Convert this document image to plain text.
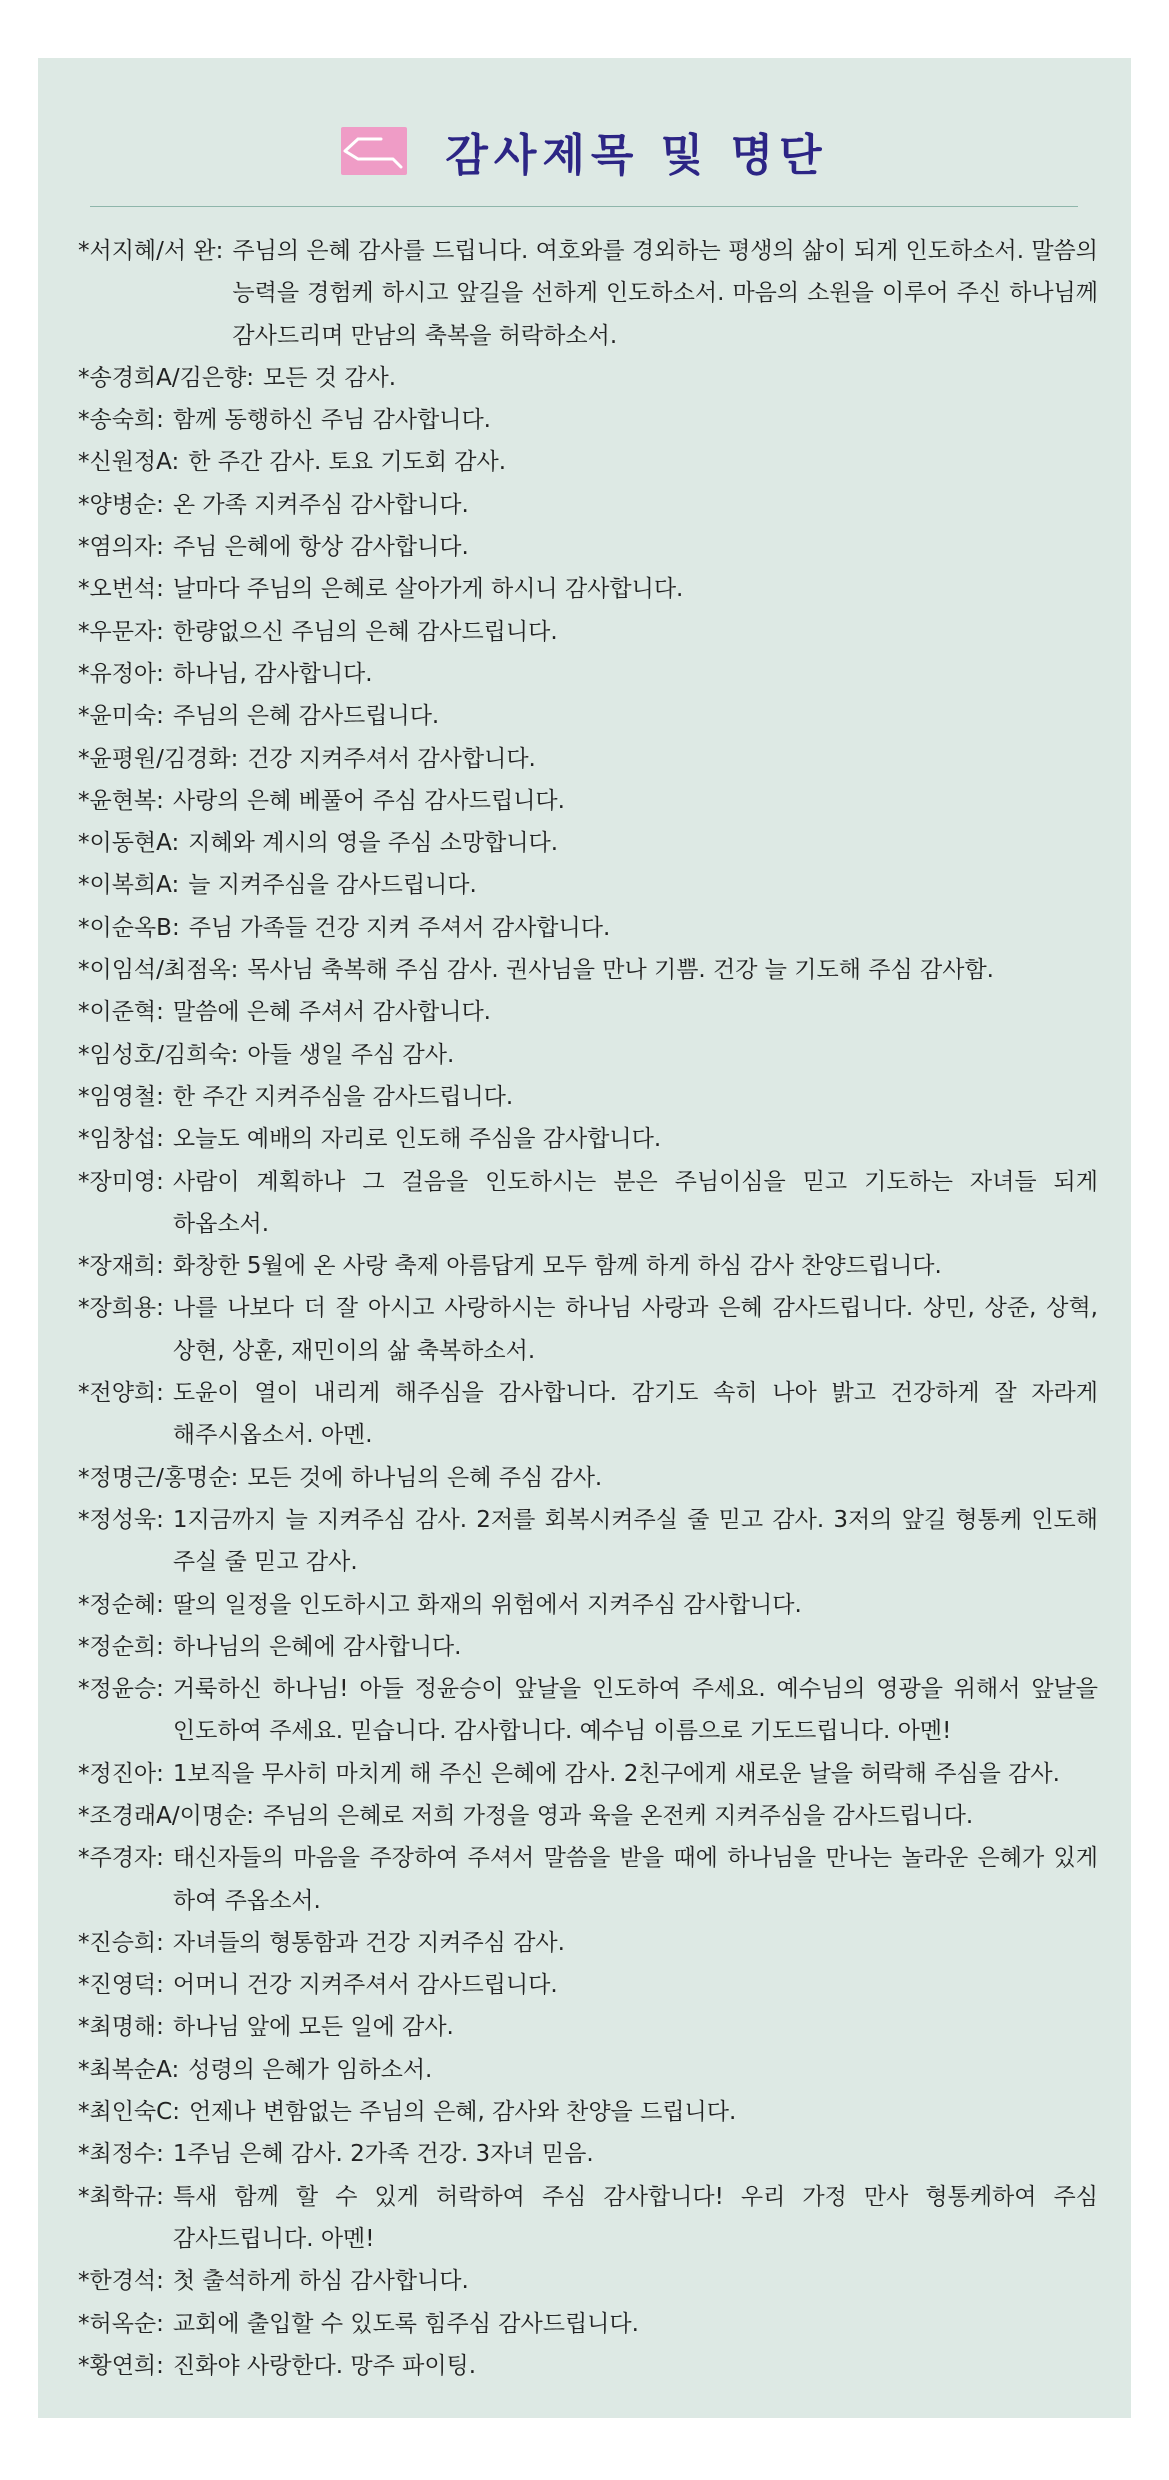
감사제목 및 명단
* 서지혜/서 완 : 주님의 은혜 감사를 드립니다. 여호와를 경외하는 평생의 삶이 되게 인도하소서. 말씀의 능력을 경험케 하시고 앞길을 선하게 인도하소서. 마음의 소원을 이루어 주신 하나님께 감사드리며 만남의 축복을 허락하소서.
* 송경희A/김은향 : 모든 것 감사.
* 송숙희 : 함께 동행하신 주님 감사합니다.
* 신원정A : 한 주간 감사. 토요 기도회 감사.
* 양병순 : 온 가족 지켜주심 감사합니다.
* 염의자 : 주님 은혜에 항상 감사합니다.
* 오번석 : 날마다 주님의 은혜로 살아가게 하시니 감사합니다.
* 우문자 : 한량없으신 주님의 은혜 감사드립니다.
* 유정아 : 하나님, 감사합니다.
* 윤미숙 : 주님의 은혜 감사드립니다.
* 윤평원/김경화 : 건강 지켜주셔서 감사합니다.
* 윤현복 : 사랑의 은혜 베풀어 주심 감사드립니다.
* 이동현A : 지혜와 계시의 영을 주심 소망합니다.
* 이복희A : 늘 지켜주심을 감사드립니다.
* 이순옥B : 주님 가족들 건강 지켜 주셔서 감사합니다.
* 이임석/최점옥 : 목사님 축복해 주심 감사. 권사님을 만나 기쁨. 건강 늘 기도해 주심 감사함.
* 이준혁 : 말씀에 은혜 주셔서 감사합니다.
* 임성호/김희숙 : 아들 생일 주심 감사.
* 임영철 : 한 주간 지켜주심을 감사드립니다.
* 임창섭 : 오늘도 예배의 자리로 인도해 주심을 감사합니다.
* 장미영 : 사람이 계획하나 그 걸음을 인도하시는 분은 주님이심을 믿고 기도하는 자녀들 되게 하옵소서.
* 장재희 : 화창한 5월에 온 사랑 축제 아름답게 모두 함께 하게 하심 감사 찬양드립니다.
* 장희용 : 나를 나보다 더 잘 아시고 사랑하시는 하나님 사랑과 은혜 감사드립니다. 상민, 상준, 상혁, 상현, 상훈, 재민이의 삶 축복하소서.
* 전양희 : 도윤이 열이 내리게 해주심을 감사합니다. 감기도 속히 나아 밝고 건강하게 잘 자라게 해주시옵소서. 아멘.
* 정명근/홍명순 : 모든 것에 하나님의 은혜 주심 감사.
* 정성욱 : 1지금까지 늘 지켜주심 감사. 2저를 회복시켜주실 줄 믿고 감사. 3저의 앞길 형통케 인도해 주실 줄 믿고 감사.
* 정순혜 : 딸의 일정을 인도하시고 화재의 위험에서 지켜주심 감사합니다.
* 정순희 : 하나님의 은혜에 감사합니다.
* 정윤승 : 거룩하신 하나님! 아들 정윤승이 앞날을 인도하여 주세요. 예수님의 영광을 위해서 앞날을 인도하여 주세요. 믿습니다. 감사합니다. 예수님 이름으로 기도드립니다. 아멘!
* 정진아 : 1보직을 무사히 마치게 해 주신 은혜에 감사. 2친구에게 새로운 날을 허락해 주심을 감사.
* 조경래A/이명순 : 주님의 은혜로 저희 가정을 영과 육을 온전케 지켜주심을 감사드립니다.
* 주경자 : 태신자들의 마음을 주장하여 주셔서 말씀을 받을 때에 하나님을 만나는 놀라운 은혜가 있게 하여 주옵소서.
* 진승희 : 자녀들의 형통함과 건강 지켜주심 감사.
* 진영덕 : 어머니 건강 지켜주셔서 감사드립니다.
* 최명해 : 하나님 앞에 모든 일에 감사.
* 최복순A : 성령의 은혜가 임하소서.
* 최인숙C : 언제나 변함없는 주님의 은혜, 감사와 찬양을 드립니다.
* 최정수 : 1주님 은혜 감사. 2가족 건강. 3자녀 믿음.
* 최학규 : 특새 함께 할 수 있게 허락하여 주심 감사합니다! 우리 가정 만사 형통케하여 주심 감사드립니다. 아멘!
* 한경석 : 첫 출석하게 하심 감사합니다.
* 허옥순 : 교회에 출입할 수 있도록 힘주심 감사드립니다.
* 황연희 : 진화야 사랑한다. 망주 파이팅.
